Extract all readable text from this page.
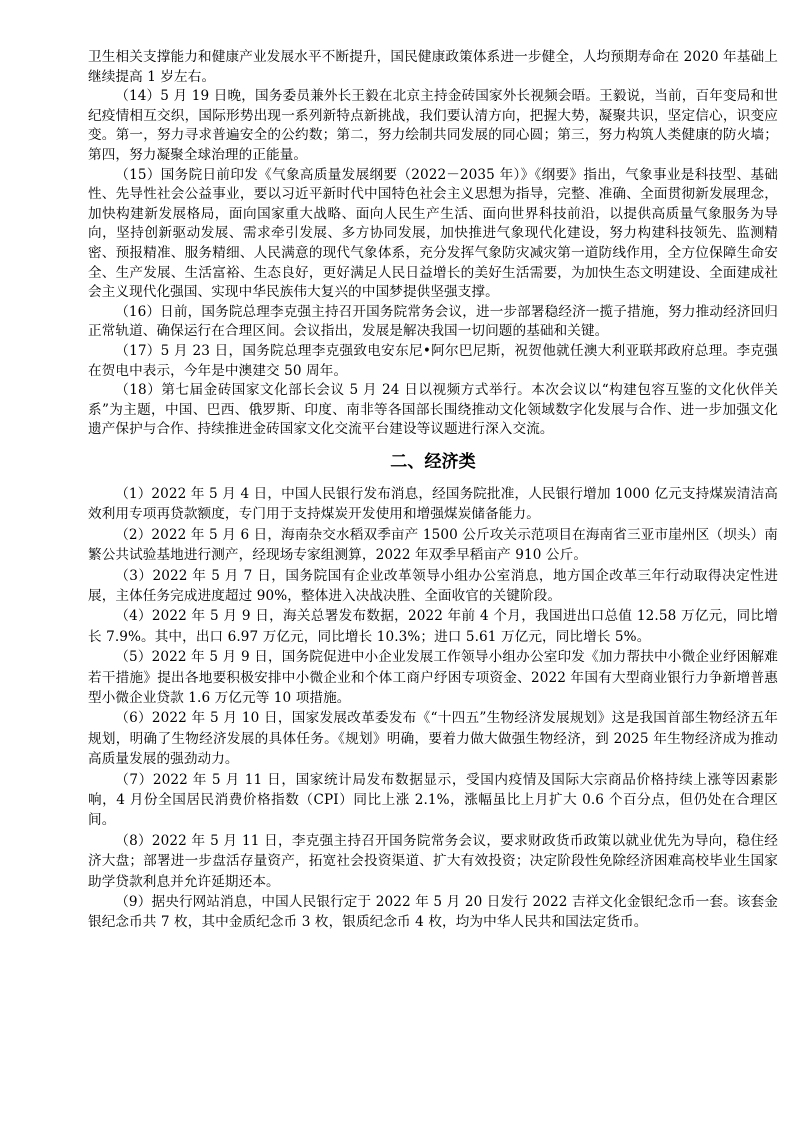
卫生相关支撑能力和健康产业发展水平不断提升，国民健康政策体系进一步健全，人均预期寿命在 2020 年基础上继续提高 1 岁左右。

（14）5 月 19 日晚，国务委员兼外长王毅在北京主持金砖国家外长视频会晤。王毅说，当前，百年变局和世纪疫情相互交织，国际形势出现一系列新特点新挑战，我们要认清方向，把握大势，凝聚共识，坚定信心，识变应变。第一，努力寻求普遍安全的公约数；第二，努力绘制共同发展的同心圆；第三，努力构筑人类健康的防火墙；第四，努力凝聚全球治理的正能量。

（15）国务院日前印发《气象高质量发展纲要（2022－2035 年）》《纲要》指出，气象事业是科技型、基础性、先导性社会公益事业，要以习近平新时代中国特色社会主义思想为指导，完整、准确、全面贯彻新发展理念，加快构建新发展格局，面向国家重大战略、面向人民生产生活、面向世界科技前沿，以提供高质量气象服务为导向，坚持创新驱动发展、需求牵引发展、多方协同发展，加快推进气象现代化建设，努力构建科技领先、监测精密、预报精准、服务精细、人民满意的现代气象体系，充分发挥气象防灾减灾第一道防线作用，全方位保障生命安全、生产发展、生活富裕、生态良好，更好满足人民日益增长的美好生活需要，为加快生态文明建设、全面建成社会主义现代化强国、实现中华民族伟大复兴的中国梦提供坚强支撑。

（16）日前，国务院总理李克强主持召开国务院常务会议，进一步部署稳经济一揽子措施，努力推动经济回归正常轨道、确保运行在合理区间。会议指出，发展是解决我国一切问题的基础和关键。

（17）5 月 23 日，国务院总理李克强致电安东尼•阿尔巴尼斯，祝贺他就任澳大利亚联邦政府总理。李克强在贺电中表示，今年是中澳建交 50 周年。

（18）第七届金砖国家文化部长会议 5 月 24 日以视频方式举行。本次会议以“构建包容互鉴的文化伙伴关系”为主题，中国、巴西、俄罗斯、印度、南非等各国部长围绕推动文化领域数字化发展与合作、进一步加强文化遗产保护与合作、持续推进金砖国家文化交流平台建设等议题进行深入交流。

二、经济类

（1）2022 年 5 月 4 日，中国人民银行发布消息，经国务院批准，人民银行增加 1000 亿元支持煤炭清洁高效利用专项再贷款额度，专门用于支持煤炭开发使用和增强煤炭储备能力。

（2）2022 年 5 月 6 日，海南杂交水稻双季亩产 1500 公斤攻关示范项目在海南省三亚市崖州区（坝头）南繁公共试验基地进行测产，经现场专家组测算，2022 年双季早稻亩产 910 公斤。

（3）2022 年 5 月 7 日，国务院国有企业改革领导小组办公室消息，地方国企改革三年行动取得决定性进展，主体任务完成进度超过 90%，整体进入决战决胜、全面收官的关键阶段。

（4）2022 年 5 月 9 日，海关总署发布数据，2022 年前 4 个月，我国进出口总值 12.58 万亿元，同比增长 7.9%。其中，出口 6.97 万亿元，同比增长 10.3%；进口 5.61 万亿元，同比增长 5%。

（5）2022 年 5 月 9 日，国务院促进中小企业发展工作领导小组办公室印发《加力帮扶中小微企业纾困解难若干措施》提出各地要积极安排中小微企业和个体工商户纾困专项资金、2022 年国有大型商业银行力争新增普惠型小微企业贷款 1.6 万亿元等 10 项措施。

（6）2022 年 5 月 10 日，国家发展改革委发布《“十四五”生物经济发展规划》这是我国首部生物经济五年规划，明确了生物经济发展的具体任务。《规划》明确，要着力做大做强生物经济，到 2025 年生物经济成为推动高质量发展的强劲动力。

（7）2022 年 5 月 11 日，国家统计局发布数据显示，受国内疫情及国际大宗商品价格持续上涨等因素影响，4 月份全国居民消费价格指数（CPI）同比上涨 2.1%，涨幅虽比上月扩大 0.6 个百分点，但仍处在合理区间。

（8）2022 年 5 月 11 日，李克强主持召开国务院常务会议，要求财政货币政策以就业优先为导向，稳住经济大盘；部署进一步盘活存量资产，拓宽社会投资渠道、扩大有效投资；决定阶段性免除经济困难高校毕业生国家助学贷款利息并允许延期还本。

（9）据央行网站消息，中国人民银行定于 2022 年 5 月 20 日发行 2022 吉祥文化金银纪念币一套。该套金银纪念币共 7 枚，其中金质纪念币 3 枚，银质纪念币 4 枚，均为中华人民共和国法定货币。
